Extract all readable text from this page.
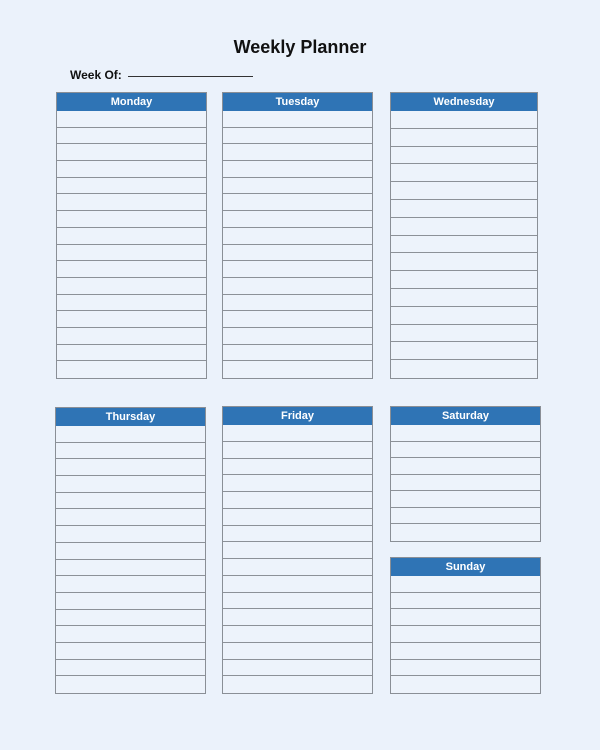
Weekly Planner
Week Of:
Monday	Tuesday	Wednesday
Thursday	Friday	Saturday
Sunday
